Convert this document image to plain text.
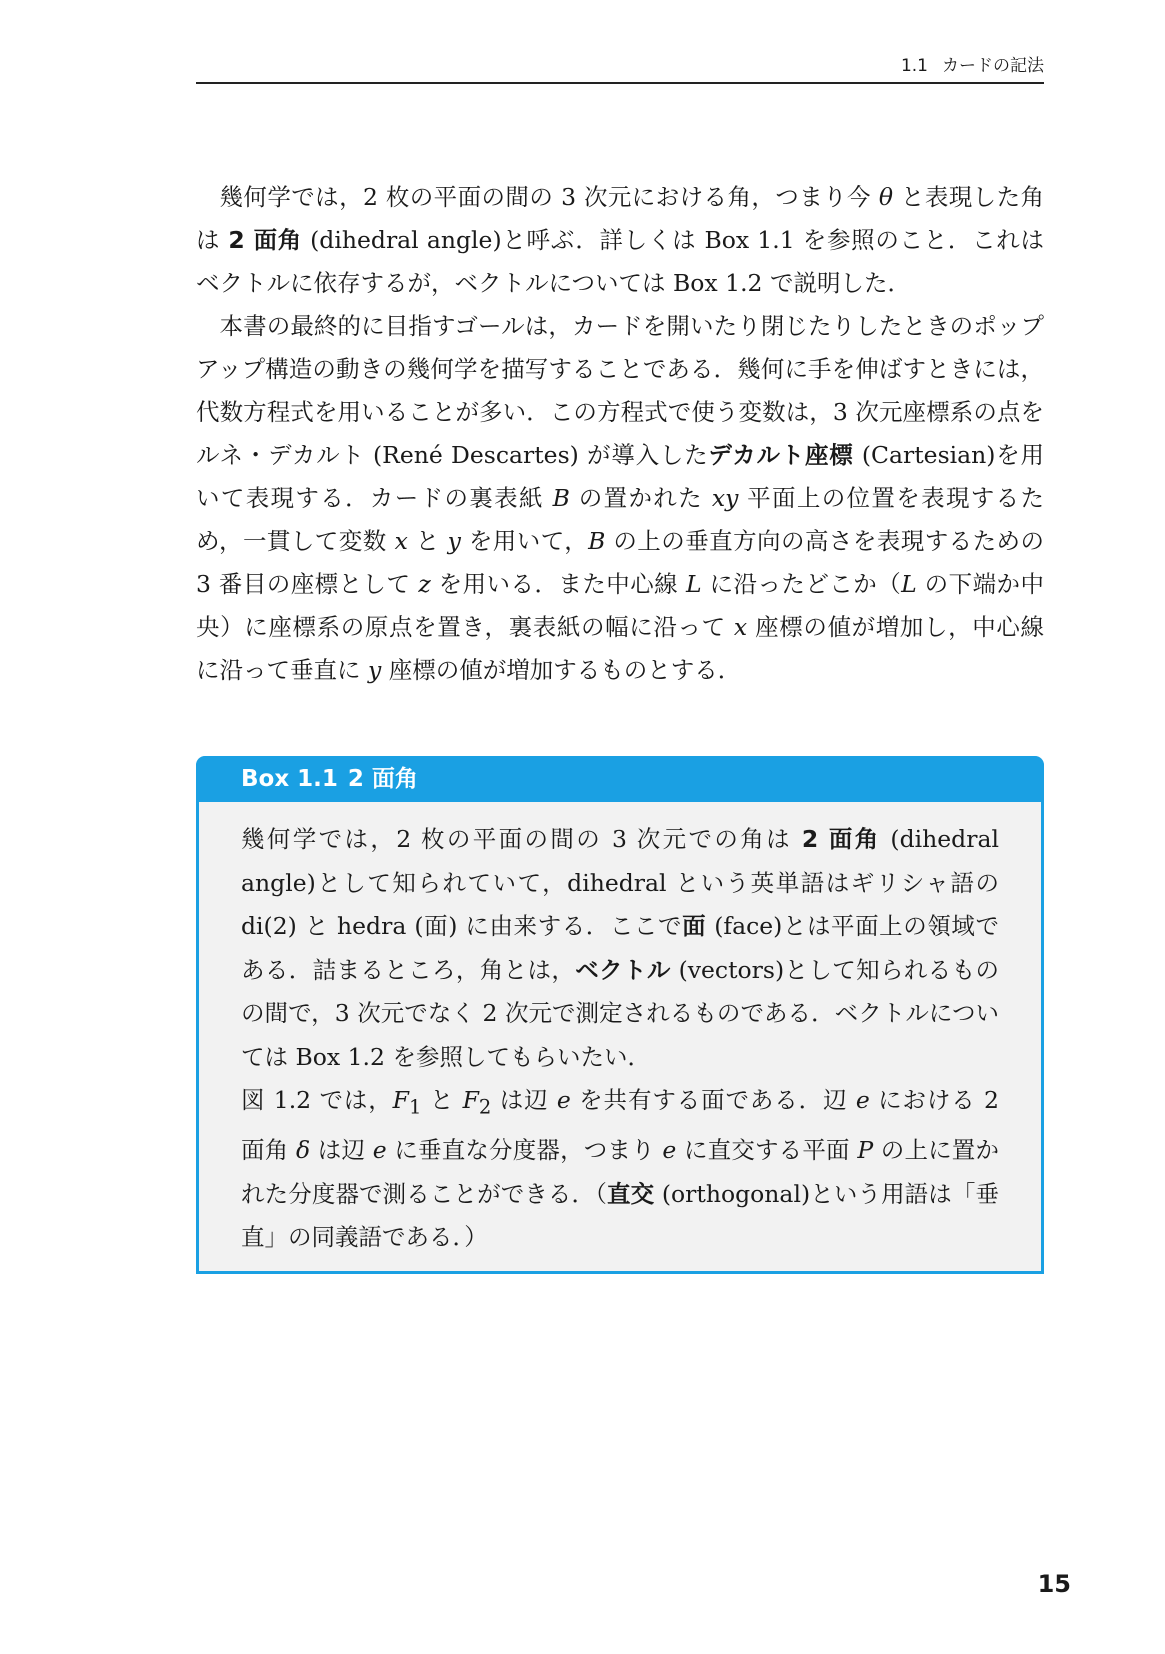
1.1 カードの記法

幾何学では，2 枚の平面の間の 3 次元における角，つまり今 θ と表現した角は 2 面角 (dihedral angle)と呼ぶ．詳しくは Box 1.1 を参照のこと．これはベクトルに依存するが，ベクトルについては Box 1.2 で説明した．

本書の最終的に目指すゴールは，カードを開いたり閉じたりしたときのポップアップ構造の動きの幾何学を描写することである．幾何に手を伸ばすときには，代数方程式を用いることが多い．この方程式で使う変数は，3 次元座標系の点をルネ・デカルト (René Descartes) が導入したデカルト座標 (Cartesian)を用いて表現する．カードの裏表紙 B の置かれた xy 平面上の位置を表現するため，一貫して変数 x と y を用いて，B の上の垂直方向の高さを表現するための 3 番目の座標として z を用いる．また中心線 L に沿ったどこか（L の下端か中央）に座標系の原点を置き，裏表紙の幅に沿って x 座標の値が増加し，中心線に沿って垂直に y 座標の値が増加するものとする．

Box 1.1 2 面角

幾何学では，2 枚の平面の間の 3 次元での角は 2 面角 (dihedral angle)として知られていて，dihedral という英単語はギリシャ語の di(2) と hedra (面) に由来する．ここで面 (face)とは平面上の領域である．詰まるところ，角とは，ベクトル (vectors)として知られるものの間で，3 次元でなく 2 次元で測定されるものである．ベクトルについては Box 1.2 を参照してもらいたい．

図 1.2 では，$F_1$ と $F_2$ は辺 e を共有する面である．辺 e における 2 面角 δ は辺 e に垂直な分度器，つまり e に直交する平面 P の上に置かれた分度器で測ることができる．（直交 (orthogonal)という用語は「垂直」の同義語である．）

15
